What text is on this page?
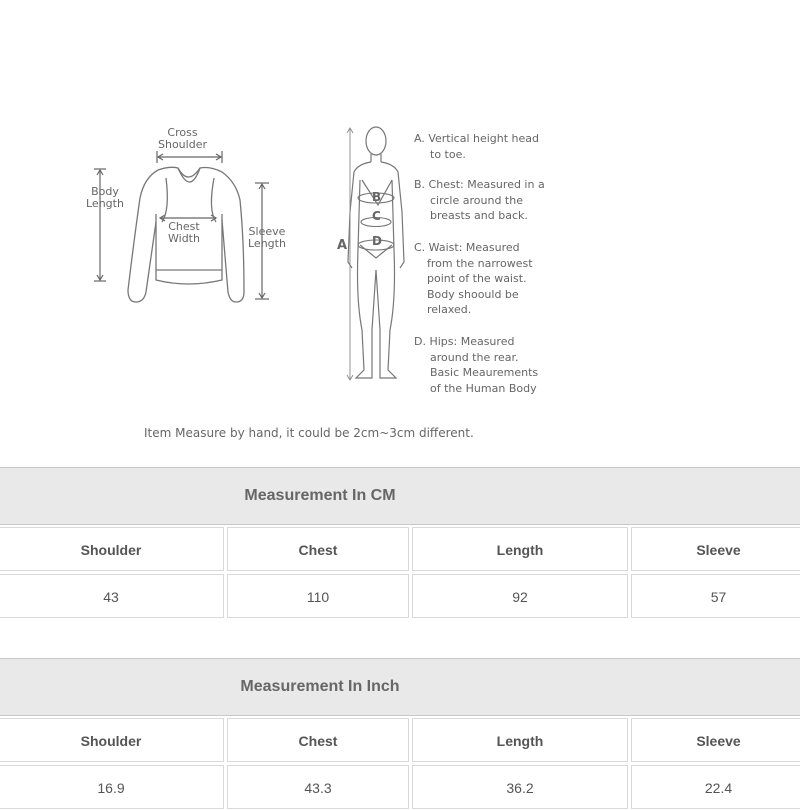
Cross
Shoulder
Body
Length
Chest
Width
Sleeve
Length	A
B
C
D
A. Vertical height head
to toe.
B. Chest: Measured in a
circle around the
breasts and back.
C. Waist: Measured
from the narrowest
point of the waist.
Body shoould be
relaxed.
D. Hips: Measured
around the rear.
Basic Meaurements
of the Human Body
Item Measure by hand, it could be 2cm~3cm different.
Measurement In CM
Shoulder	Chest	Length	Sleeve
43	110	92	57
Measurement In Inch
Shoulder	Chest	Length	Sleeve
16.9	43.3	36.2	22.4
